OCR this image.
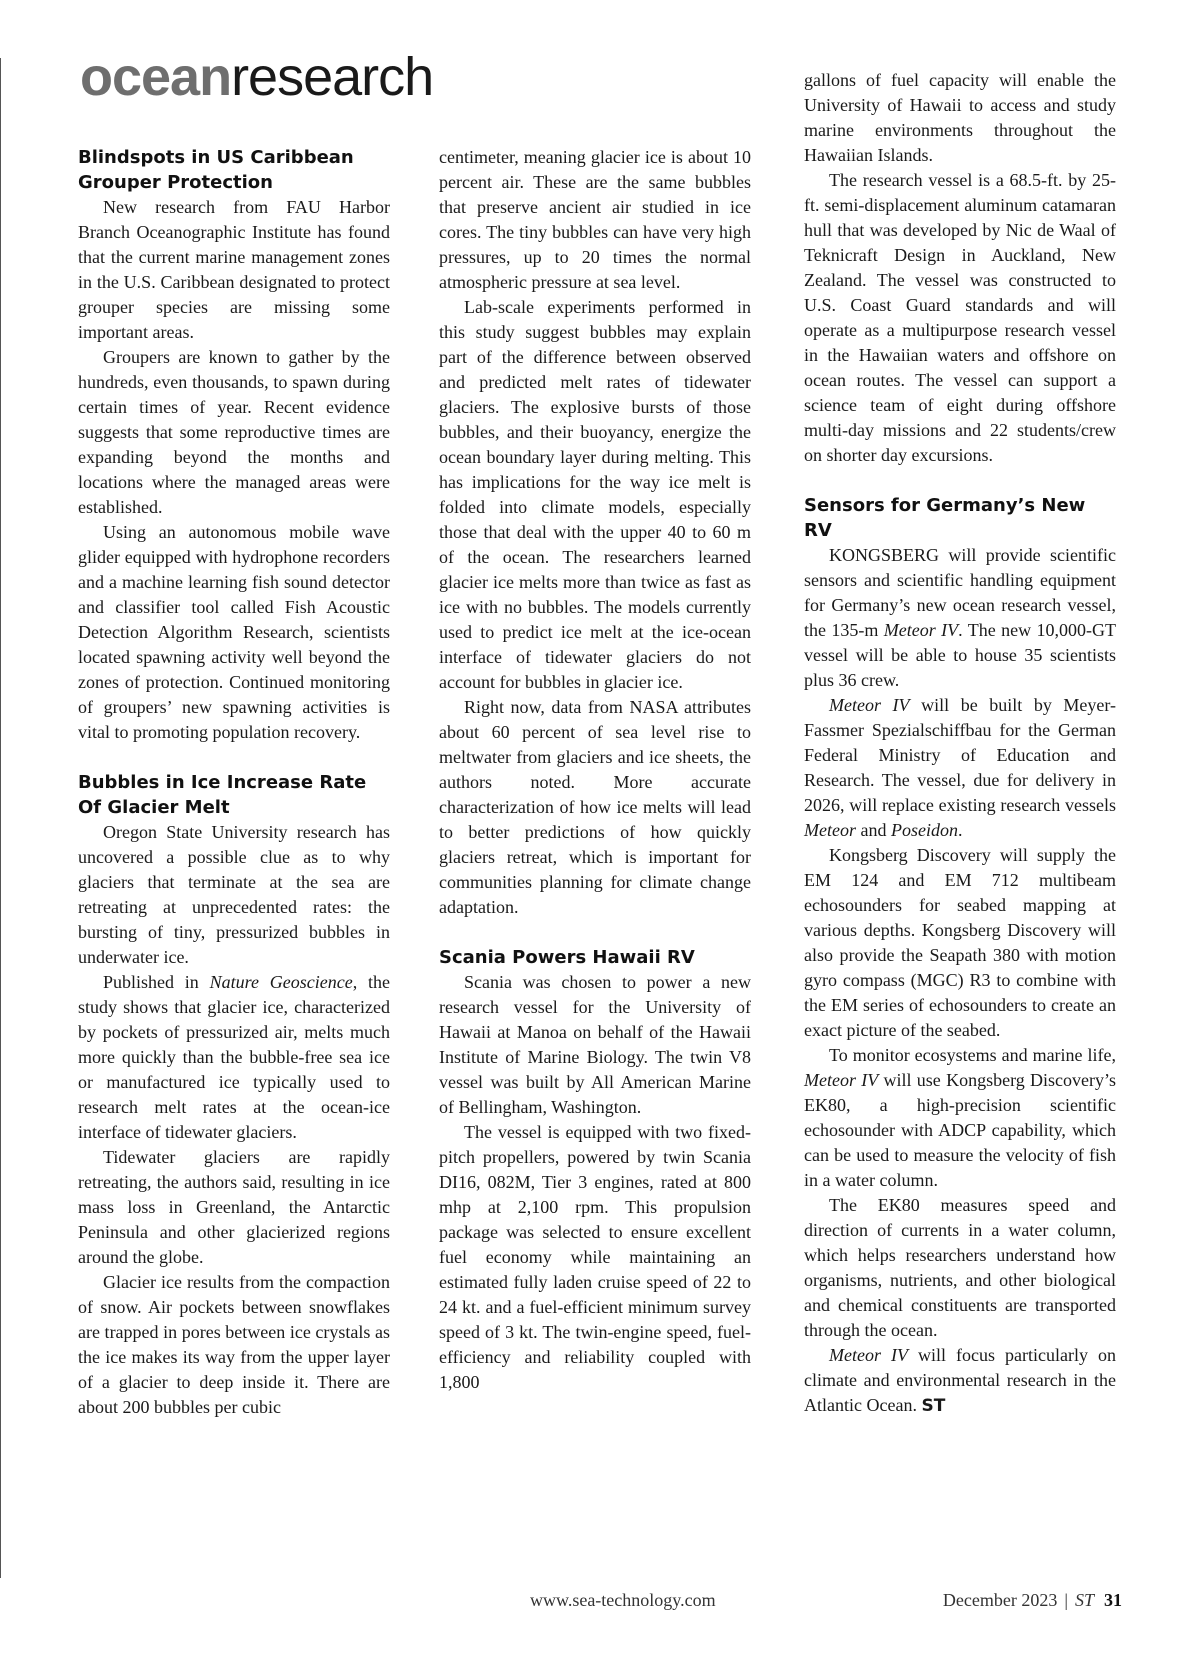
oceanresearch
Blindspots in US Caribbean Grouper Protection

New research from FAU Harbor Branch Oceanographic Institute has found that the current marine management zones in the U.S. Caribbean designated to protect grouper species are missing some important areas.

Groupers are known to gather by the hundreds, even thousands, to spawn during certain times of year. Recent evidence suggests that some reproductive times are expanding beyond the months and locations where the managed areas were established.

Using an autonomous mobile wave glider equipped with hydrophone recorders and a machine learning fish sound detector and classifier tool called Fish Acoustic Detection Algorithm Research, scientists located spawning activity well beyond the zones of protection. Continued monitoring of groupers’ new spawning activities is vital to promoting population recovery.

Bubbles in Ice Increase Rate Of Glacier Melt

Oregon State University research has uncovered a possible clue as to why glaciers that terminate at the sea are retreating at unprecedented rates: the bursting of tiny, pressurized bubbles in underwater ice.

Published in Nature Geoscience, the study shows that glacier ice, characterized by pockets of pressurized air, melts much more quickly than the bubble-free sea ice or manufactured ice typically used to research melt rates at the ocean-ice interface of tidewater glaciers.

Tidewater glaciers are rapidly retreating, the authors said, resulting in ice mass loss in Greenland, the Antarctic Peninsula and other glacierized regions around the globe.

Glacier ice results from the compaction of snow. Air pockets between snowflakes are trapped in pores between ice crystals as the ice makes its way from the upper layer of a glacier to deep inside it. There are about 200 bubbles per cubic

centimeter, meaning glacier ice is about 10 percent air. These are the same bubbles that preserve ancient air studied in ice cores. The tiny bubbles can have very high pressures, up to 20 times the normal atmospheric pressure at sea level.

Lab-scale experiments performed in this study suggest bubbles may explain part of the difference between observed and predicted melt rates of tidewater glaciers. The explosive bursts of those bubbles, and their buoyancy, energize the ocean boundary layer during melting. This has implications for the way ice melt is folded into climate models, especially those that deal with the upper 40 to 60 m of the ocean. The researchers learned glacier ice melts more than twice as fast as ice with no bubbles. The models currently used to predict ice melt at the ice-ocean interface of tidewater glaciers do not account for bubbles in glacier ice.

Right now, data from NASA attributes about 60 percent of sea level rise to meltwater from glaciers and ice sheets, the authors noted. More accurate characterization of how ice melts will lead to better predictions of how quickly glaciers retreat, which is important for communities planning for climate change adaptation.

Scania Powers Hawaii RV

Scania was chosen to power a new research vessel for the University of Hawaii at Manoa on behalf of the Hawaii Institute of Marine Biology. The twin V8 vessel was built by All American Marine of Bellingham, Washington.

The vessel is equipped with two fixed-pitch propellers, powered by twin Scania DI16, 082M, Tier 3 engines, rated at 800 mhp at 2,100 rpm. This propulsion package was selected to ensure excellent fuel economy while maintaining an estimated fully laden cruise speed of 22 to 24 kt. and a fuel-efficient minimum survey speed of 3 kt. The twin-engine speed, fuel-efficiency and reliability coupled with 1,800

gallons of fuel capacity will enable the University of Hawaii to access and study marine environments throughout the Hawaiian Islands.

The research vessel is a 68.5-ft. by 25-ft. semi-displacement aluminum catamaran hull that was developed by Nic de Waal of Teknicraft Design in Auckland, New Zealand. The vessel was constructed to U.S. Coast Guard standards and will operate as a multipurpose research vessel in the Hawaiian waters and offshore on ocean routes. The vessel can support a science team of eight during offshore multi-day missions and 22 students/crew on shorter day excursions.

Sensors for Germany’s New RV

KONGSBERG will provide scientific sensors and scientific handling equipment for Germany’s new ocean research vessel, the 135-m Meteor IV. The new 10,000-GT vessel will be able to house 35 scientists plus 36 crew.

Meteor IV will be built by Meyer-Fassmer Spezialschiffbau for the German Federal Ministry of Education and Research. The vessel, due for delivery in 2026, will replace existing research vessels Meteor and Poseidon.

Kongsberg Discovery will supply the EM 124 and EM 712 multibeam echosounders for seabed mapping at various depths. Kongsberg Discovery will also provide the Seapath 380 with motion gyro compass (MGC) R3 to combine with the EM series of echosounders to create an exact picture of the seabed.

To monitor ecosystems and marine life, Meteor IV will use Kongsberg Discovery’s EK80, a high-precision scientific echosounder with ADCP capability, which can be used to measure the velocity of fish in a water column.

The EK80 measures speed and direction of currents in a water column, which helps researchers understand how organisms, nutrients, and other biological and chemical constituents are transported through the ocean.

Meteor IV will focus particularly on climate and environmental research in the Atlantic Ocean. ST

www.sea-technology.com	December 2023 | ST 31
